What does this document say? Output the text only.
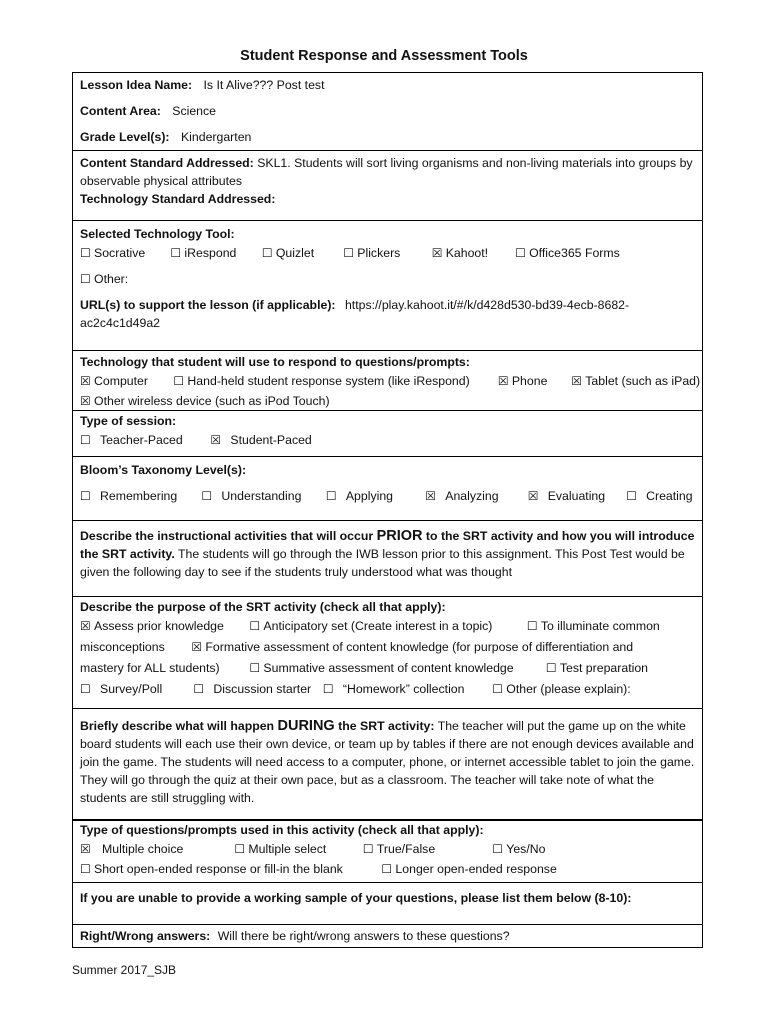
Student Response and Assessment Tools
Lesson Idea Name: Is It Alive??? Post test
Content Area: Science
Grade Level(s): Kindergarten
Content Standard Addressed: SKL1. Students will sort living organisms and non-living materials into groups by observable physical attributes
Technology Standard Addressed:
Selected Technology Tool:
☐ Socrative ☐ iRespond ☐ Quizlet ☐ Plickers	☒ Kahoot! ☐ Office365 Forms
☐ Other:
URL(s) to support the lesson (if applicable): https://play.kahoot.it/#/k/d428d530-bd39-4ecb-8682-
ac2c4c1d49a2
Technology that student will use to respond to questions/prompts:
☒ Computer ☐ Hand-held student response system (like iRespond) ☒ Phone ☒ Tablet (such as iPad)
☒ Other wireless device (such as iPod Touch)
Type of session:
☐ Teacher-Paced ☒ Student-Paced
Bloom’s Taxonomy Level(s):
☐ Remembering ☐ Understanding ☐ Applying	☒ Analyzing ☒ Evaluating ☐ Creating
Describe the instructional activities that will occur PRIOR to the SRT activity and how you will introduce the SRT activity. The students will go through the IWB lesson prior to this assignment. This Post Test would be given the following day to see if the students truly understood what was thought
Describe the purpose of the SRT activity (check all that apply):
☒ Assess prior knowledge ☐ Anticipatory set (Create interest in a topic)	☐ To illuminate common
misconceptions ☒ Formative assessment of content knowledge (for purpose of differentiation and
mastery for ALL students) ☐ Summative assessment of content knowledge	☐ Test preparation
☐ Survey/Poll	☐ Discussion starter ☐ “Homework” collection ☐ Other (please explain):
Briefly describe what will happen DURING the SRT activity: The teacher will put the game up on the white board students will each use their own device, or team up by tables if there are not enough devices available and join the game. The students will need access to a computer, phone, or internet accessible tablet to join the game. They will go through the quiz at their own pace, but as a classroom. The teacher will take note of what the students are still struggling with.
Type of questions/prompts used in this activity (check all that apply):
☒ Multiple choice	☐ Multiple select	☐ True/False	☐ Yes/No
☐ Short open-ended response or fill-in the blank	☐ Longer open-ended response
If you are unable to provide a working sample of your questions, please list them below (8-10):
Right/Wrong answers: Will there be right/wrong answers to these questions?
Summer 2017_SJB
